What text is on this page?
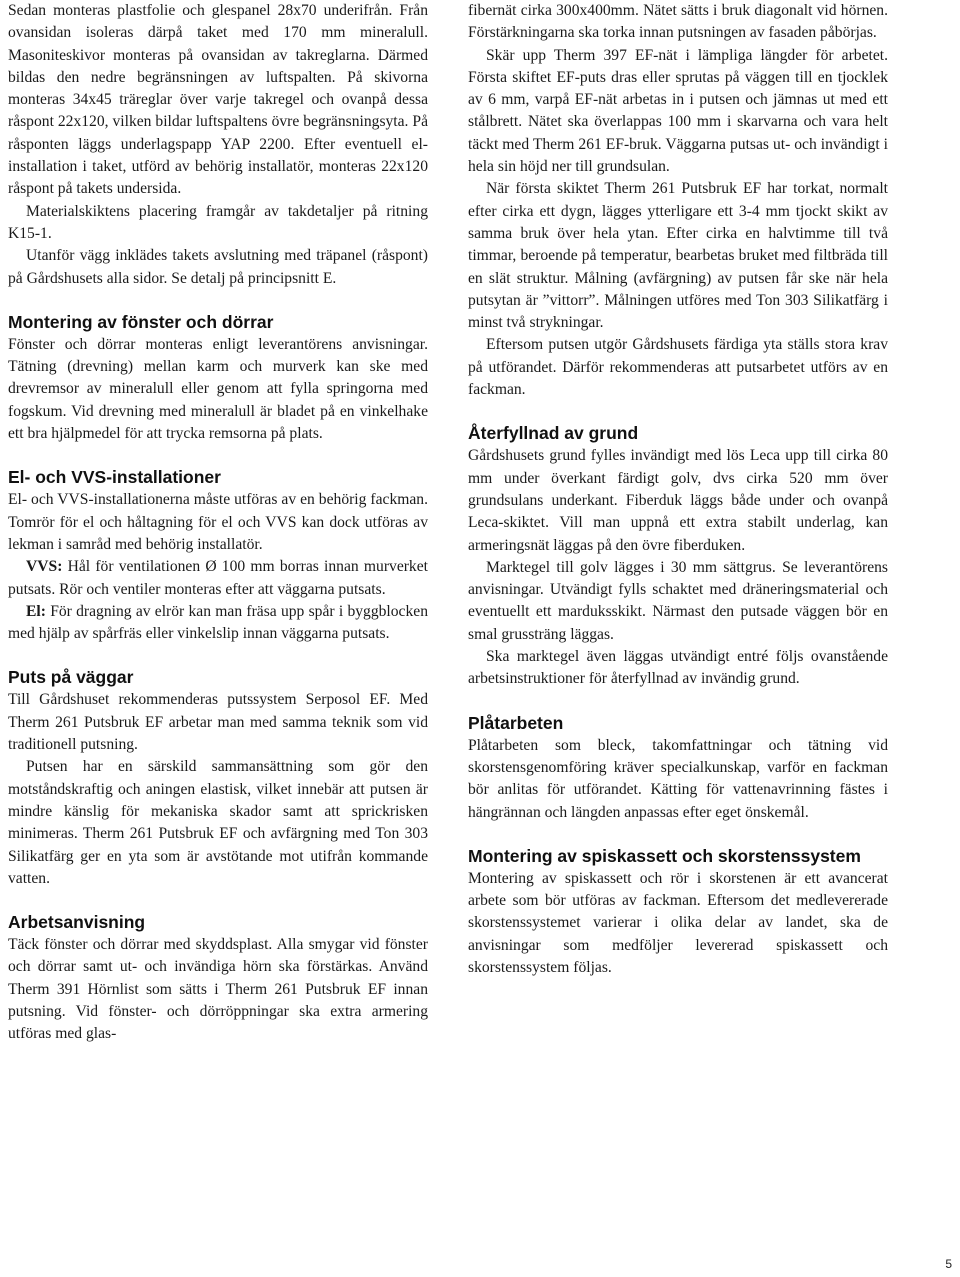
Sedan monteras plastfolie och glespanel 28x70 underifrån. Från ovansidan isoleras därpå taket med 170 mm mineralull. Masoniteskivor monteras på ovansidan av takreglarna. Därmed bildas den nedre begränsningen av luftspalten. På skivorna monteras 34x45 träreglar över varje takregel och ovanpå dessa råspont 22x120, vilken bildar luftspaltens övre begränsningsyta. På råsponten läggs underlagspapp YAP 2200. Efter eventuell el-installation i taket, utförd av behörig installatör, monteras 22x120 råspont på takets undersida.

Materialskiktens placering framgår av takdetaljer på ritning K15-1.

Utanför vägg inklädes takets avslutning med träpanel (råspont) på Gårdshusets alla sidor. Se detalj på principsnitt E.

Montering av fönster och dörrar

Fönster och dörrar monteras enligt leverantörens anvisningar. Tätning (drevning) mellan karm och murverk kan ske med drevremsor av mineralull eller genom att fylla springorna med fogskum. Vid drevning med mineralull är bladet på en vinkelhake ett bra hjälpmedel för att trycka remsorna på plats.

El- och VVS-installationer

El- och VVS-installationerna måste utföras av en behörig fackman. Tomrör för el och håltagning för el och VVS kan dock utföras av lekman i samråd med behörig installatör.

VVS: Hål för ventilationen Ø 100 mm borras innan murverket putsats. Rör och ventiler monteras efter att väggarna putsats.

El: För dragning av elrör kan man fräsa upp spår i byggblocken med hjälp av spårfräs eller vinkelslip innan väggarna putsats.

Puts på väggar

Till Gårdshuset rekommenderas putssystem Serposol EF. Med Therm 261 Putsbruk EF arbetar man med samma teknik som vid traditionell putsning.

Putsen har en särskild sammansättning som gör den motståndskraftig och aningen elastisk, vilket innebär att putsen är mindre känslig för mekaniska skador samt att sprickrisken minimeras. Therm 261 Putsbruk EF och avfärgning med Ton 303 Silikatfärg ger en yta som är avstötande mot utifrån kommande vatten.

Arbetsanvisning

Täck fönster och dörrar med skyddsplast. Alla smygar vid fönster och dörrar samt ut- och invändiga hörn ska förstärkas. Använd Therm 391 Hörnlist som sätts i Therm 261 Putsbruk EF innan putsning. Vid fönster- och dörröppningar ska extra armering utföras med glas-

fibernät cirka 300x400mm. Nätet sätts i bruk diagonalt vid hörnen. Förstärkningarna ska torka innan putsningen av fasaden påbörjas.

Skär upp Therm 397 EF-nät i lämpliga längder för arbetet. Första skiftet EF-puts dras eller sprutas på väggen till en tjocklek av 6 mm, varpå EF-nät arbetas in i putsen och jämnas ut med ett stålbrett. Nätet ska överlappas 100 mm i skarvarna och vara helt täckt med Therm 261 EF-bruk. Väggarna putsas ut- och invändigt i hela sin höjd ner till grundsulan.

När första skiktet Therm 261 Putsbruk EF har torkat, normalt efter cirka ett dygn, lägges ytterligare ett 3-4 mm tjockt skikt av samma bruk över hela ytan. Efter cirka en halvtimme till två timmar, beroende på temperatur, bearbetas bruket med filtbräda till en slät struktur. Målning (avfärgning) av putsen får ske när hela putsytan är ”vittorr”. Målningen utföres med Ton 303 Silikatfärg i minst två strykningar.

Eftersom putsen utgör Gårdshusets färdiga yta ställs stora krav på utförandet. Därför rekommenderas att putsarbetet utförs av en fackman.

Återfyllnad av grund

Gårdshusets grund fylles invändigt med lös Leca upp till cirka 80 mm under överkant färdigt golv, dvs cirka 520 mm över grundsulans underkant. Fiberduk läggs både under och ovanpå Leca-skiktet. Vill man uppnå ett extra stabilt underlag, kan armeringsnät läggas på den övre fiberduken.

Marktegel till golv lägges i 30 mm sättgrus. Se leverantörens anvisningar. Utvändigt fylls schaktet med dräneringsmaterial och eventuellt ett marduksskikt. Närmast den putsade väggen bör en smal grussträng läggas.

Ska marktegel även läggas utvändigt entré följs ovanstående arbetsinstruktioner för återfyllnad av invändig grund.

Plåtarbeten

Plåtarbeten som bleck, takomfattningar och tätning vid skorstensgenomföring kräver specialkunskap, varför en fackman bör anlitas för utförandet. Kätting för vattenavrinning fästes i hängrännan och längden anpassas efter eget önskemål.

Montering av spiskassett och skorstenssystem

Montering av spiskassett och rör i skorstenen är ett avancerat arbete som bör utföras av fackman. Eftersom det medlevererade skorstenssystemet varierar i olika delar av landet, ska de anvisningar som medföljer levererad spiskassett och skorstenssystem följas.

5
